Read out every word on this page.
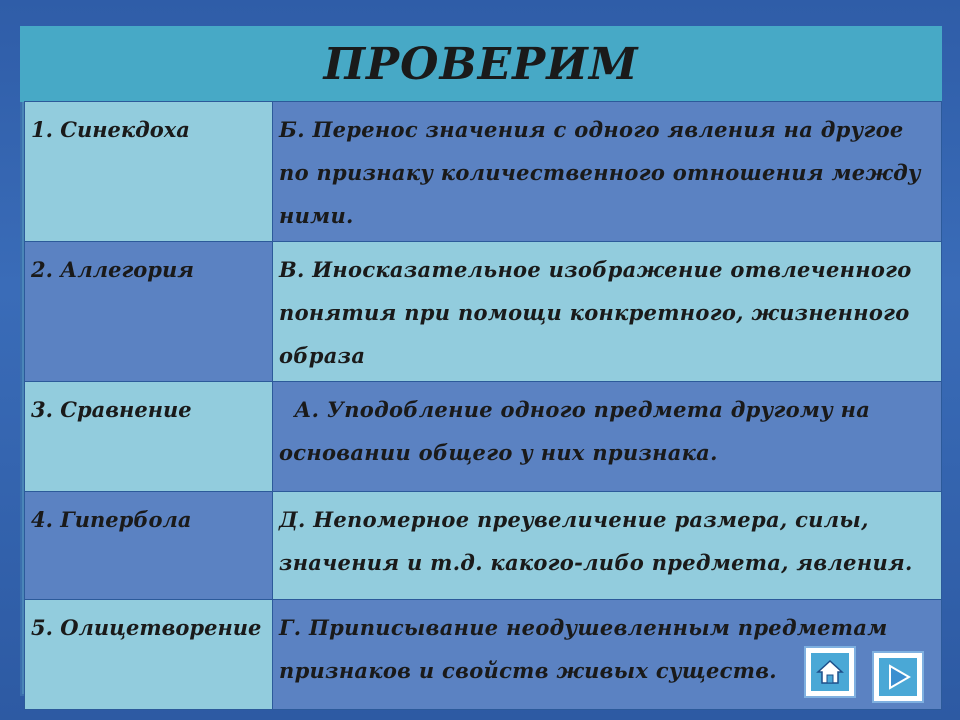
ПРОВЕРИМ
1. Синекдоха	Б. Перенос значения с одного явления на другое по признаку количественного отношения между ними.
2. Аллегория	В. Иносказательное изображение отвлеченного понятия при помощи конкретного, жизненного образа
3. Сравнение	А. Уподобление одного предмета другому на основании общего у них признака.
4. Гипербола	Д. Непомерное преувеличение размера, силы, значения и т.д. какого-либо предмета, явления.
5. Олицетворение	Г. Приписывание неодушевленным предметам признаков и свойств живых существ.
